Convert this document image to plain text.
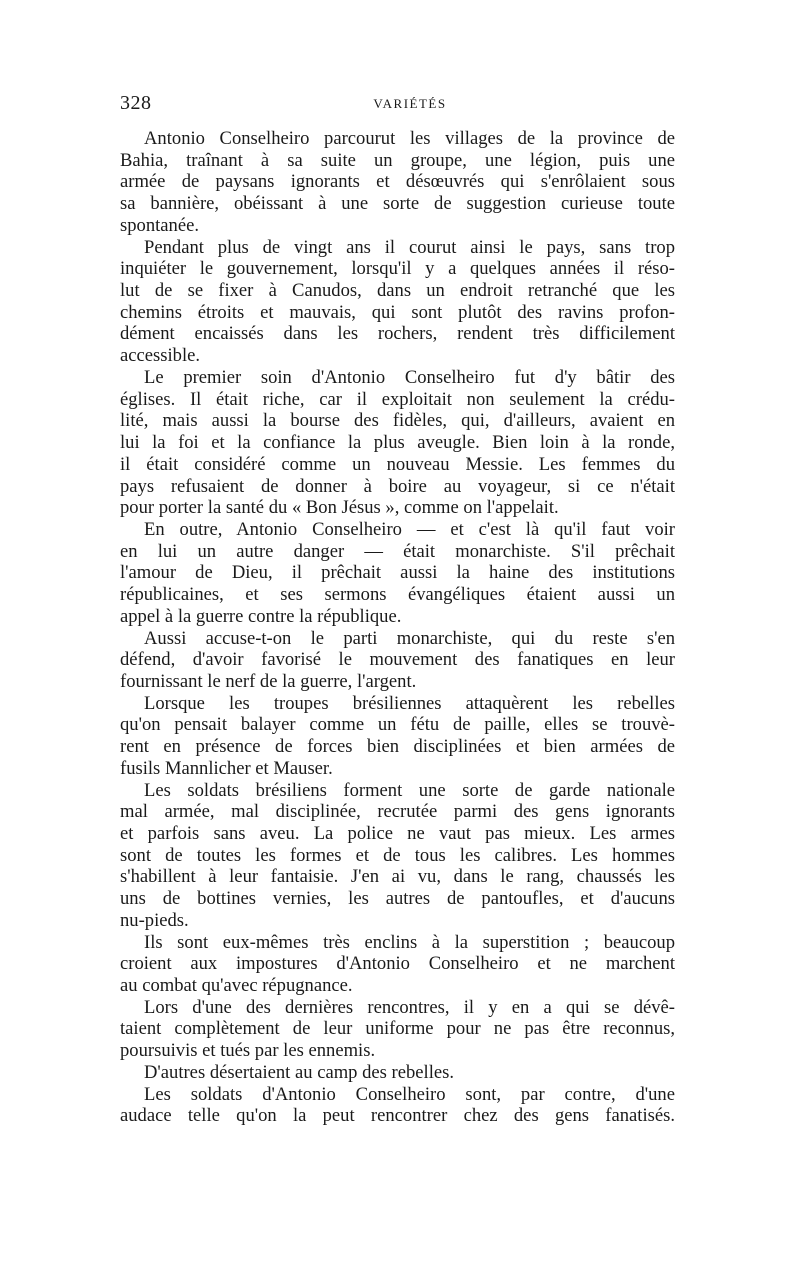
328	VARIÉTÉS
Antonio Conselheiro parcourut les villages de la province de
Bahia, traînant à sa suite un groupe, une légion, puis une
armée de paysans ignorants et désœuvrés qui s'enrôlaient sous
sa bannière, obéissant à une sorte de suggestion curieuse toute
spontanée.
Pendant plus de vingt ans il courut ainsi le pays, sans trop
inquiéter le gouvernement, lorsqu'il y a quelques années il réso-
lut de se fixer à Canudos, dans un endroit retranché que les
chemins étroits et mauvais, qui sont plutôt des ravins profon-
dément encaissés dans les rochers, rendent très difficilement
accessible.
Le premier soin d'Antonio Conselheiro fut d'y bâtir des
églises. Il était riche, car il exploitait non seulement la crédu-
lité, mais aussi la bourse des fidèles, qui, d'ailleurs, avaient en
lui la foi et la confiance la plus aveugle. Bien loin à la ronde,
il était considéré comme un nouveau Messie. Les femmes du
pays refusaient de donner à boire au voyageur, si ce n'était
pour porter la santé du « Bon Jésus », comme on l'appelait.
En outre, Antonio Conselheiro — et c'est là qu'il faut voir
en lui un autre danger — était monarchiste. S'il prêchait
l'amour de Dieu, il prêchait aussi la haine des institutions
républicaines, et ses sermons évangéliques étaient aussi un
appel à la guerre contre la république.
Aussi accuse-t-on le parti monarchiste, qui du reste s'en
défend, d'avoir favorisé le mouvement des fanatiques en leur
fournissant le nerf de la guerre, l'argent.
Lorsque les troupes brésiliennes attaquèrent les rebelles
qu'on pensait balayer comme un fétu de paille, elles se trouvè-
rent en présence de forces bien disciplinées et bien armées de
fusils Mannlicher et Mauser.
Les soldats brésiliens forment une sorte de garde nationale
mal armée, mal disciplinée, recrutée parmi des gens ignorants
et parfois sans aveu. La police ne vaut pas mieux. Les armes
sont de toutes les formes et de tous les calibres. Les hommes
s'habillent à leur fantaisie. J'en ai vu, dans le rang, chaussés les
uns de bottines vernies, les autres de pantoufles, et d'aucuns
nu-pieds.
Ils sont eux-mêmes très enclins à la superstition ; beaucoup
croient aux impostures d'Antonio Conselheiro et ne marchent
au combat qu'avec répugnance.
Lors d'une des dernières rencontres, il y en a qui se dévê-
taient complètement de leur uniforme pour ne pas être reconnus,
poursuivis et tués par les ennemis.
D'autres désertaient au camp des rebelles.
Les soldats d'Antonio Conselheiro sont, par contre, d'une
audace telle qu'on la peut rencontrer chez des gens fanatisés.
